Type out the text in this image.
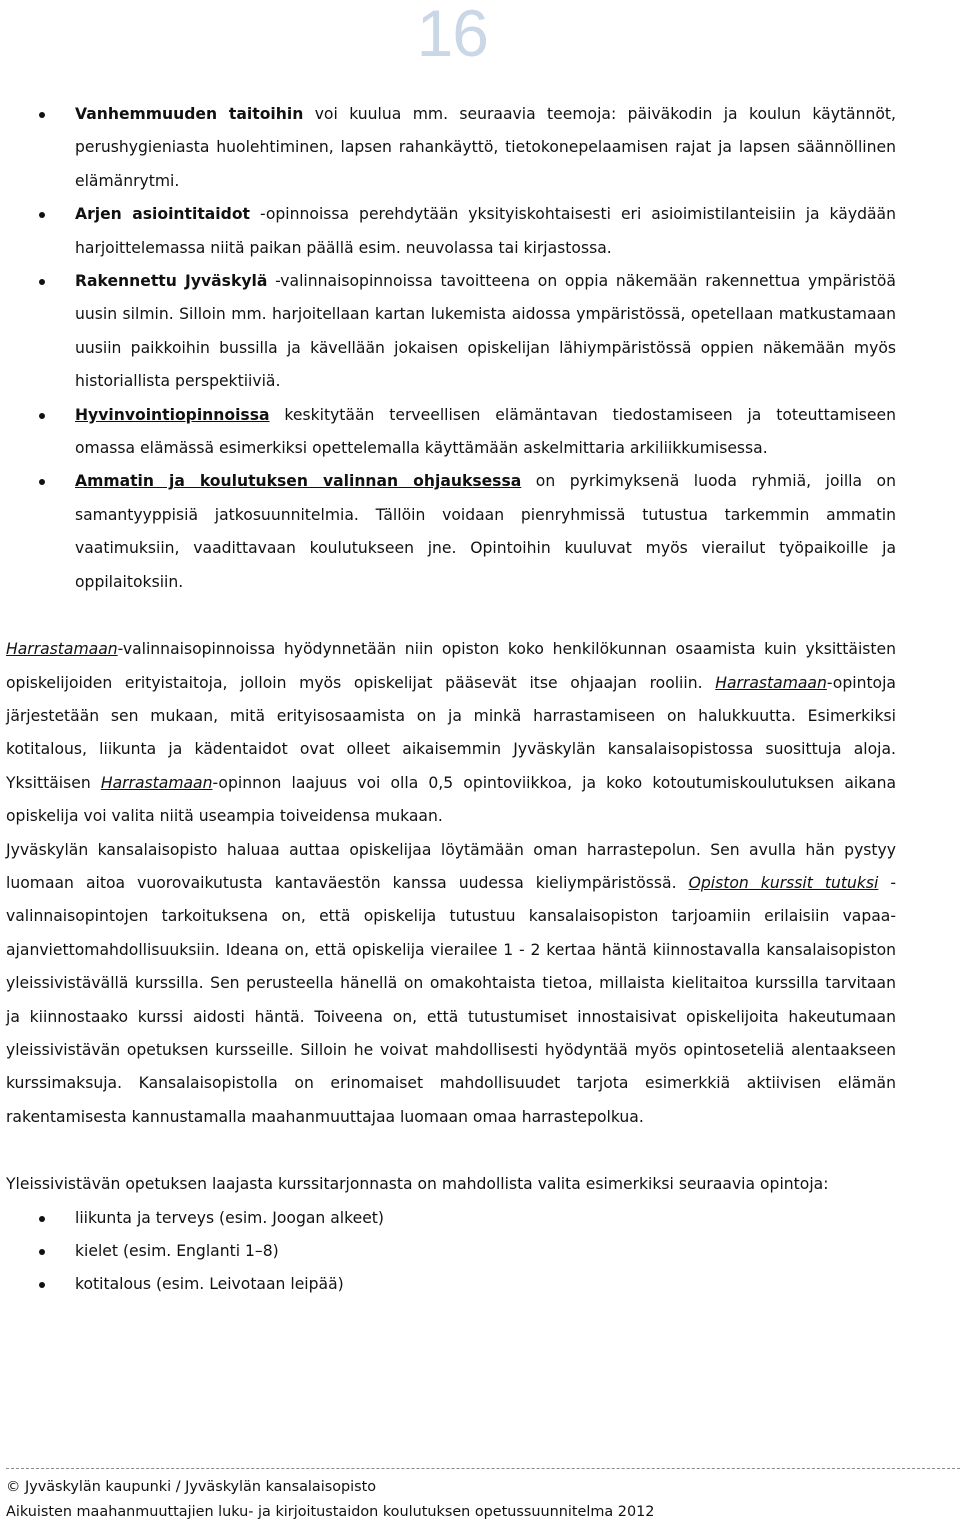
16
Vanhemmuuden taitoihin voi kuulua mm. seuraavia teemoja: päiväkodin ja koulun käytännöt, perushygieniasta huolehtiminen, lapsen rahankäyttö, tietokonepelaamisen rajat ja lapsen säännöllinen elämänrytmi.
Arjen asiointitaidot -opinnoissa perehdytään yksityiskohtaisesti eri asioimistilanteisiin ja käydään harjoittelemassa niitä paikan päällä esim. neuvolassa tai kirjastossa.
Rakennettu Jyväskylä -valinnaisopinnoissa tavoitteena on oppia näkemään rakennettua ympäristöä uusin silmin. Silloin mm. harjoitellaan kartan lukemista aidossa ympäristössä, opetellaan matkustamaan uusiin paikkoihin bussilla ja kävellään jokaisen opiskelijan lähiympäristössä oppien näkemään myös historiallista perspektiiviä.
Hyvinvointiopinnoissa keskitytään terveellisen elämäntavan tiedostamiseen ja toteuttamiseen omassa elämässä esimerkiksi opettelemalla käyttämään askelmittaria arkiliikkumisessa.
Ammatin ja koulutuksen valinnan ohjauksessa on pyrkimyksenä luoda ryhmiä, joilla on samantyyppisiä jatkosuunnitelmia. Tällöin voidaan pienryhmissä tutustua tarkemmin ammatin vaatimuksiin, vaadittavaan koulutukseen jne. Opintoihin kuuluvat myös vierailut työpaikoille ja oppilaitoksiin.

Harrastamaan-valinnaisopinnoissa hyödynnetään niin opiston koko henkilökunnan osaamista kuin yksittäisten opiskelijoiden erityistaitoja, jolloin myös opiskelijat pääsevät itse ohjaajan rooliin. Harrastamaan-opintoja järjestetään sen mukaan, mitä erityisosaamista on ja minkä harrastamiseen on halukkuutta. Esimerkiksi kotitalous, liikunta ja kädentaidot ovat olleet aikaisemmin Jyväskylän kansalaisopistossa suosittuja aloja. Yksittäisen Harrastamaan-opinnon laajuus voi olla 0,5 opintoviikkoa, ja koko kotoutumiskoulutuksen aikana opiskelija voi valita niitä useampia toiveidensa mukaan.

Jyväskylän kansalaisopisto haluaa auttaa opiskelijaa löytämään oman harrastepolun. Sen avulla hän pystyy luomaan aitoa vuorovaikutusta kantaväestön kanssa uudessa kieliympäristössä. Opiston kurssit tutuksi -valinnaisopintojen tarkoituksena on, että opiskelija tutustuu kansalaisopiston tarjoamiin erilaisiin vapaa-ajanviettomahdollisuuksiin. Ideana on, että opiskelija vierailee 1 - 2 kertaa häntä kiinnostavalla kansalaisopiston yleissivistävällä kurssilla. Sen perusteella hänellä on omakohtaista tietoa, millaista kielitaitoa kurssilla tarvitaan ja kiinnostaako kurssi aidosti häntä. Toiveena on, että tutustumiset innostaisivat opiskelijoita hakeutumaan yleissivistävän opetuksen kursseille. Silloin he voivat mahdollisesti hyödyntää myös opintoseteliä alentaakseen kurssimaksuja. Kansalaisopistolla on erinomaiset mahdollisuudet tarjota esimerkkiä aktiivisen elämän rakentamisesta kannustamalla maahanmuuttajaa luomaan omaa harrastepolkua.

Yleissivistävän opetuksen laajasta kurssitarjonnasta on mahdollista valita esimerkiksi seuraavia opintoja:

liikunta ja terveys (esim. Joogan alkeet)
kielet (esim. Englanti 1–8)
kotitalous (esim. Leivotaan leipää)
© Jyväskylän kaupunki / Jyväskylän kansalaisopisto
Aikuisten maahanmuuttajien luku- ja kirjoitustaidon koulutuksen opetussuunnitelma 2012
